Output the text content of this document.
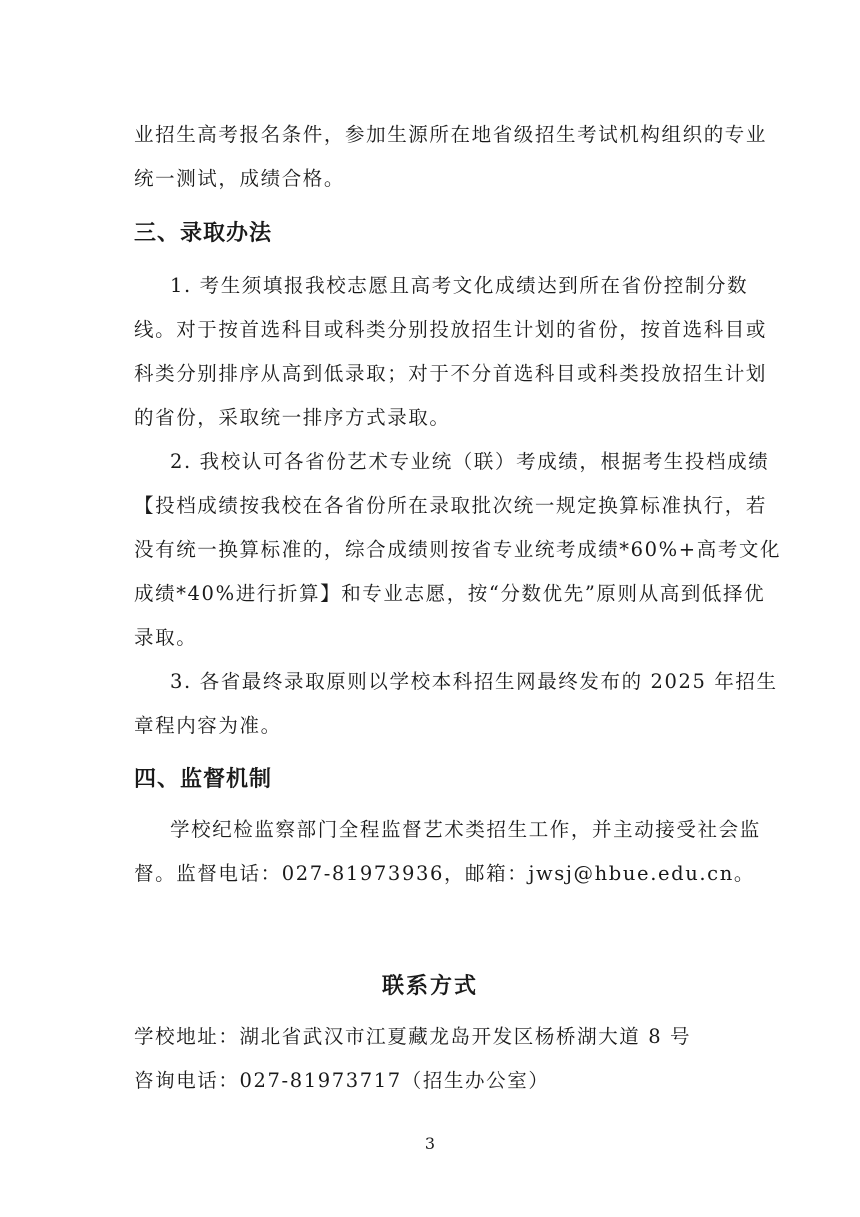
业招生高考报名条件，参加生源所在地省级招生考试机构组织的专业
统一测试，成绩合格。
三、录取办法
1. 考生须填报我校志愿且高考文化成绩达到所在省份控制分数
线。对于按首选科目或科类分别投放招生计划的省份，按首选科目或
科类分别排序从高到低录取；对于不分首选科目或科类投放招生计划
的省份，采取统一排序方式录取。
2. 我校认可各省份艺术专业统（联）考成绩，根据考生投档成绩
【投档成绩按我校在各省份所在录取批次统一规定换算标准执行，若
没有统一换算标准的，综合成绩则按省专业统考成绩*60%+高考文化
成绩*40%进行折算】和专业志愿，按“分数优先”原则从高到低择优
录取。
3. 各省最终录取原则以学校本科招生网最终发布的 2025 年招生
章程内容为准。
四、监督机制
学校纪检监察部门全程监督艺术类招生工作，并主动接受社会监
督。监督电话：027-81973936，邮箱：jwsj@hbue.edu.cn。
联系方式
学校地址：湖北省武汉市江夏藏龙岛开发区杨桥湖大道 8 号
咨询电话：027-81973717（招生办公室）
3
